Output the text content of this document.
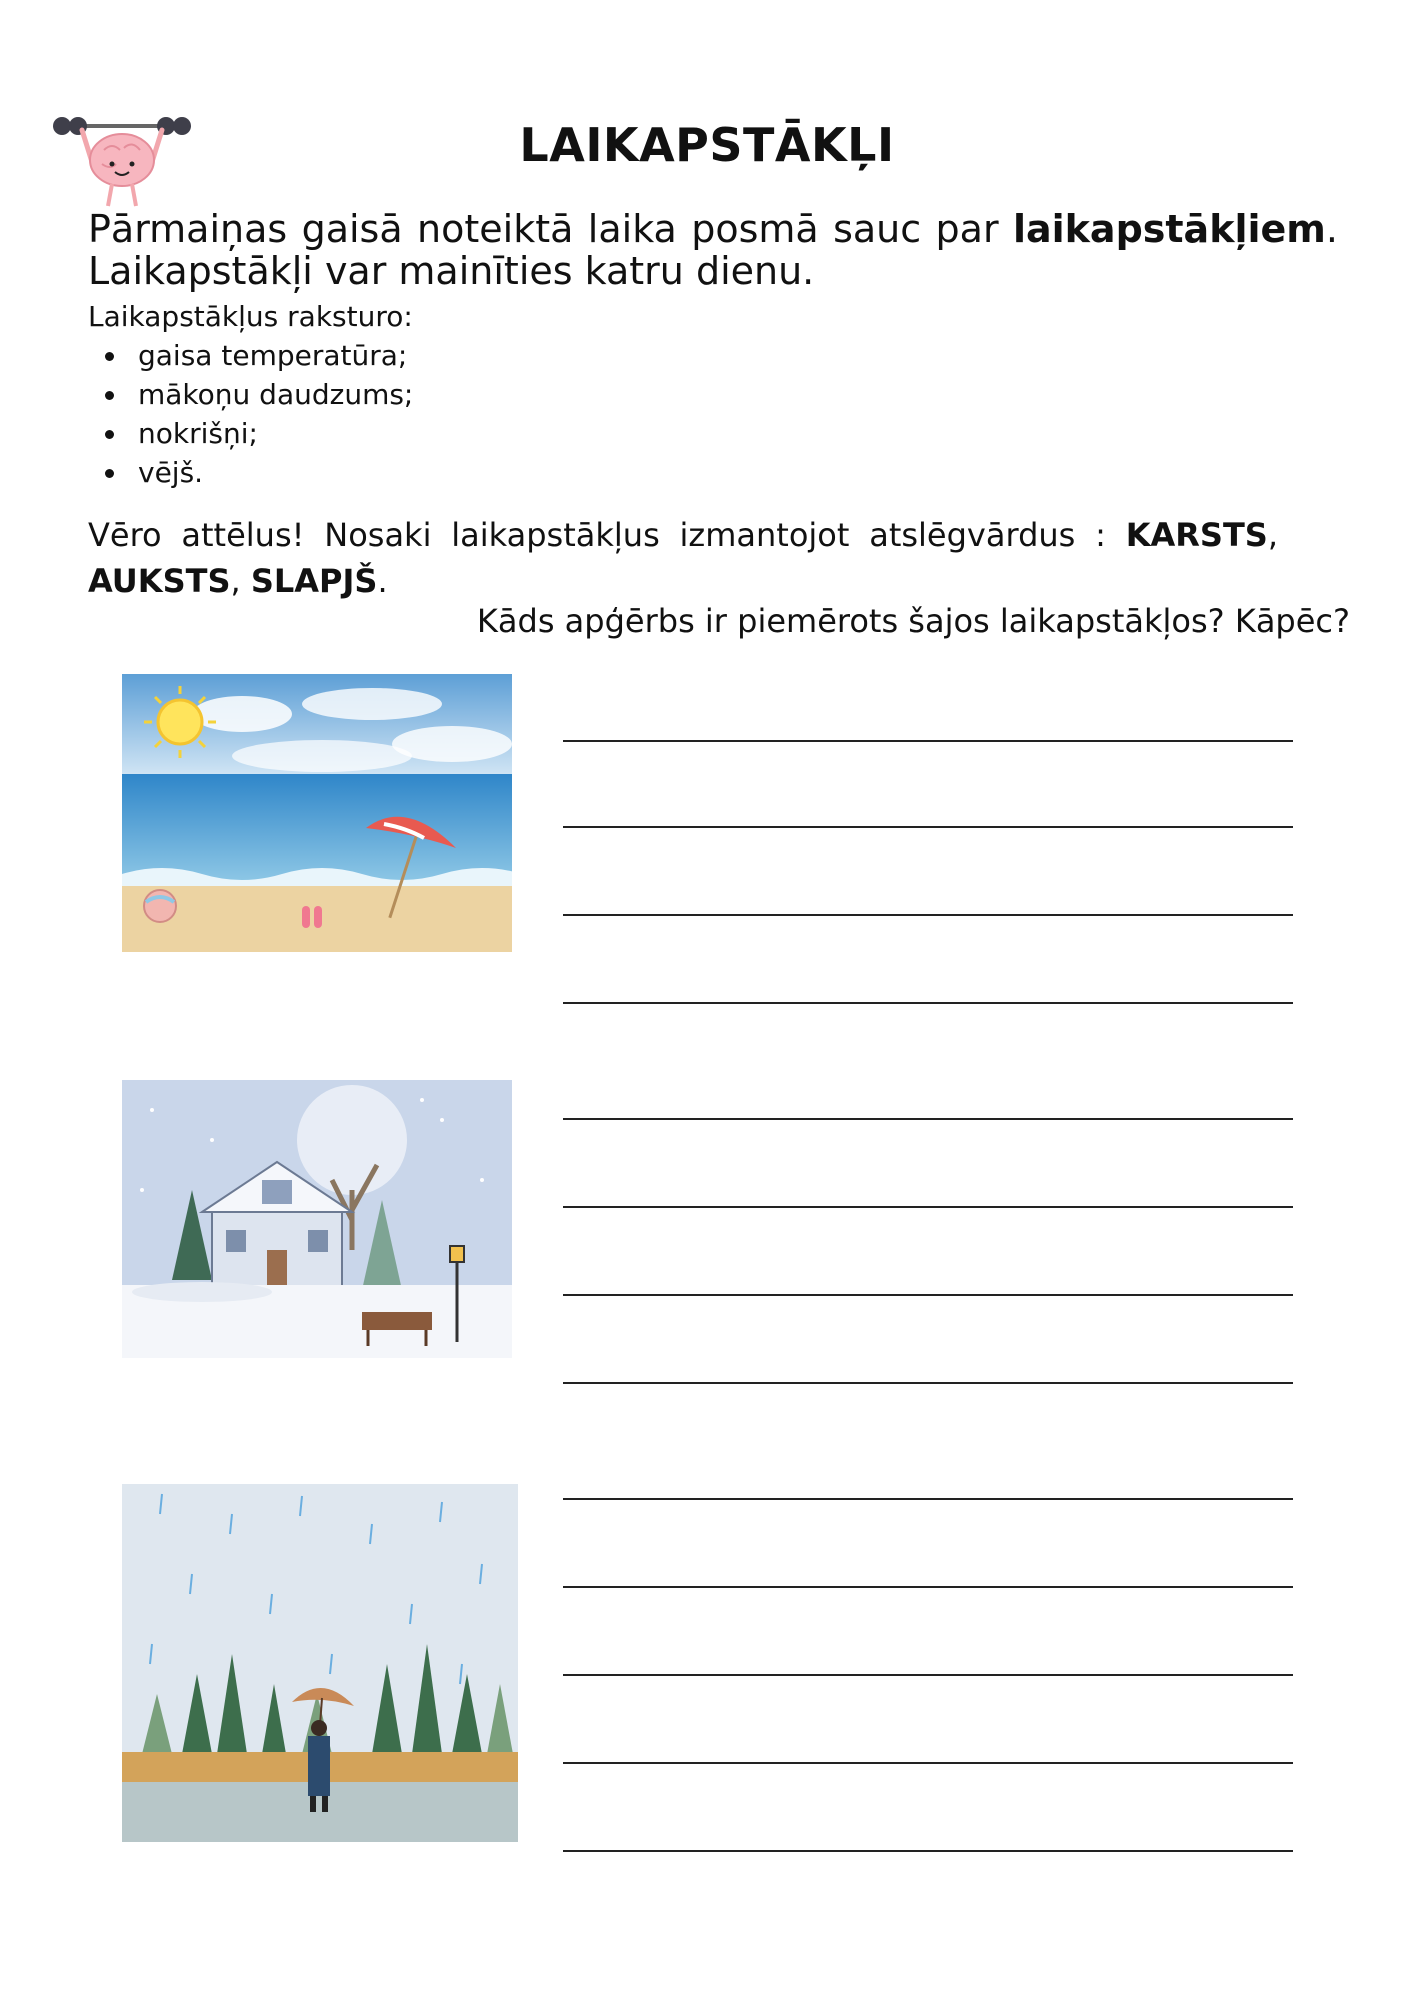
LAIKAPSTĀKĻI
Pārmaiņas gaisā noteiktā laika posmā sauc par laikapstākļiem. Laikapstākļi var mainīties katru dienu.
Laikapstākļus raksturo:
gaisa temperatūra;
mākoņu daudzums;
nokrišņi;
vējš.
Vēro attēlus! Nosaki laikapstākļus izmantojot atslēgvārdus : KARSTS, AUKSTS, SLAPJŠ.
Kāds apģērbs ir piemērots šajos laikapstākļos? Kāpēc?
